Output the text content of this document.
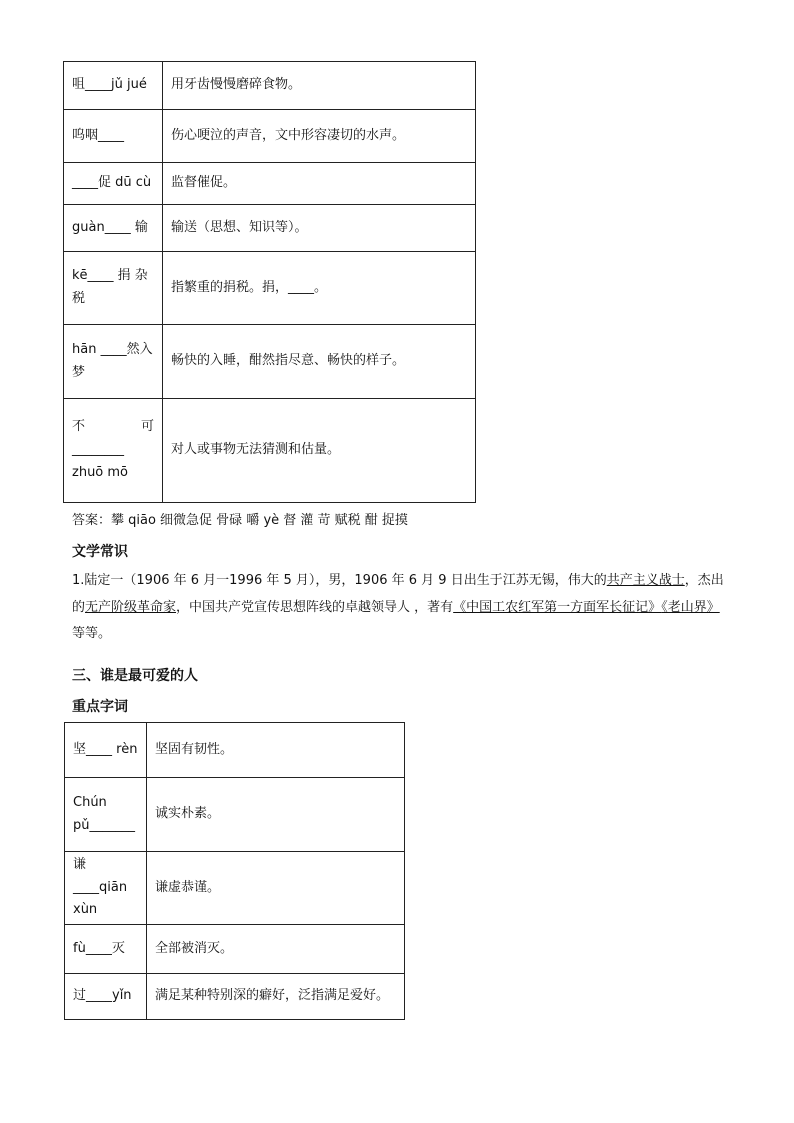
咀____jǔ jué	用牙齿慢慢磨碎食物。
呜咽____	伤心哽泣的声音，文中形容凄切的水声。
____促 dū cù	监督催促。
guàn____ 输	输送（思想、知识等）。

kē____ 捐 杂
税	指繁重的捐税。捐，____。

hān ____然入
梦	畅快的入睡，酣然指尽意、畅快的样子。

不 可
________
zhuō mō	对人或事物无法猜测和估量。
答案：攀 qiāo 细微急促 骨碌 嚼 yè 督 灌 苛 赋税 酣 捉摸
文学常识
1.陆定一（1906 年 6 月一1996 年 5 月），男，1906 年 6 月 9 日出生于江苏无锡，伟大的共产主义战士，杰出的无产阶级革命家，中国共产党宣传思想阵线的卓越领导人 ，著有《中国工农红军第一方面军长征记》《老山界》等等。
三、谁是最可爱的人
重点字词
坚____ rèn	坚固有韧性。

Chún
pǔ_______	诚实朴素。

谦____qiān
xùn	谦虚恭谨。
fù____灭	全部被消灭。
过____yǐn	满足某种特别深的癖好，泛指满足爱好。
